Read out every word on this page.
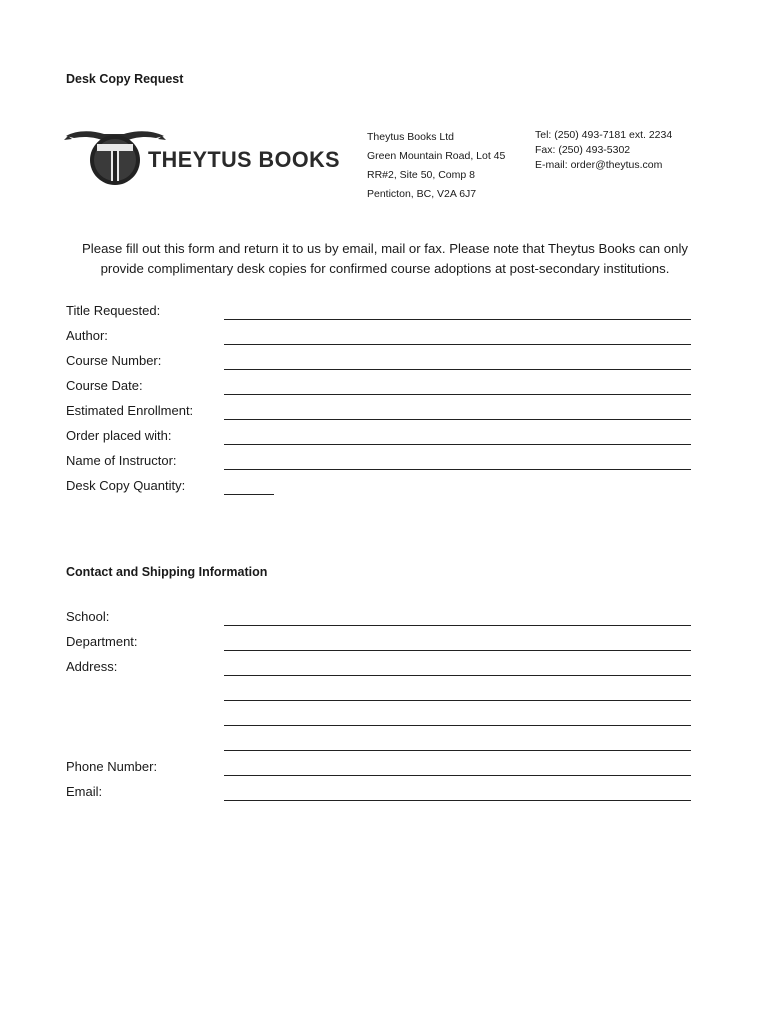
Desk Copy Request
THEYTUS BOOKS
Theytus Books Ltd
Green Mountain Road, Lot 45
RR#2, Site 50, Comp 8
Penticton, BC, V2A 6J7
Tel: (250) 493-7181 ext. 2234
Fax: (250) 493-5302
E-mail: order@theytus.com
Please fill out this form and return it to us by email, mail or fax. Please note that Theytus Books can only
provide complimentary desk copies for confirmed course adoptions at post-secondary institutions.
Title Requested:
Author:
Course Number:
Course Date:
Estimated Enrollment:
Order placed with:
Name of Instructor:
Desk Copy Quantity:
Contact and Shipping Information
School:
Department:
Address:
Phone Number:
Email:
